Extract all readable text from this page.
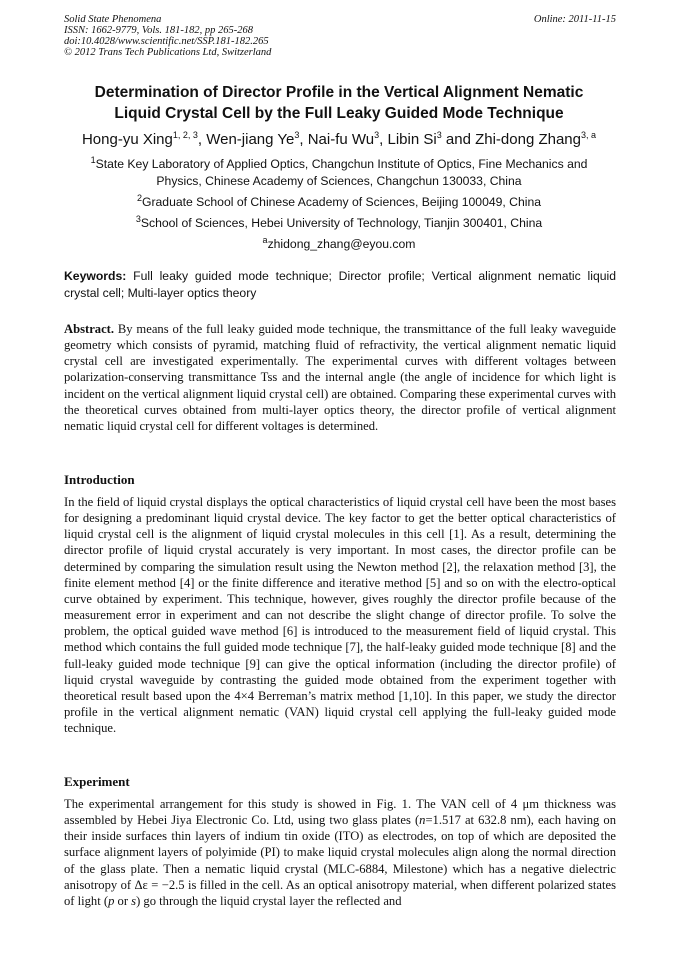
Solid State Phenomena
ISSN: 1662-9779, Vols. 181-182, pp 265-268
doi:10.4028/www.scientific.net/SSP.181-182.265
© 2012 Trans Tech Publications Ltd, Switzerland
Online: 2011-11-15
Determination of Director Profile in the Vertical Alignment Nematic
Liquid Crystal Cell by the Full Leaky Guided Mode Technique
Hong-yu Xing$^{1, 2, 3}$, Wen-jiang Ye$^3$, Nai-fu Wu$^3$, Libin Si$^3$ and Zhi-dong Zhang$^{3, a}$
$^1$State Key Laboratory of Applied Optics, Changchun Institute of Optics, Fine Mechanics and
Physics, Chinese Academy of Sciences, Changchun 130033, China
$^2$Graduate School of Chinese Academy of Sciences, Beijing 100049, China
$^3$School of Sciences, Hebei University of Technology, Tianjin 300401, China
$^a$zhidong_zhang@eyou.com
Keywords: Full leaky guided mode technique; Director profile; Vertical alignment nematic liquid crystal cell; Multi-layer optics theory
Abstract. By means of the full leaky guided mode technique, the transmittance of the full leaky waveguide geometry which consists of pyramid, matching fluid of refractivity, the vertical alignment nematic liquid crystal cell are investigated experimentally. The experimental curves with different voltages between polarization-conserving transmittance Tss and the internal angle (the angle of incidence for which light is incident on the vertical alignment liquid crystal cell) are obtained. Comparing these experimental curves with the theoretical curves obtained from multi-layer optics theory, the director profile of vertical alignment nematic liquid crystal cell for different voltages is determined.
Introduction
In the field of liquid crystal displays the optical characteristics of liquid crystal cell have been the most bases for designing a predominant liquid crystal device. The key factor to get the better optical characteristics of liquid crystal cell is the alignment of liquid crystal molecules in this cell [1]. As a result, determining the director profile of liquid crystal accurately is very important. In most cases, the director profile can be determined by comparing the simulation result using the Newton method [2], the relaxation method [3], the finite element method [4] or the finite difference and iterative method [5] and so on with the electro-optical curve obtained by experiment. This technique, however, gives roughly the director profile because of the measurement error in experiment and can not describe the slight change of director profile. To solve the problem, the optical guided wave method [6] is introduced to the measurement field of liquid crystal. This method which contains the full guided mode technique [7], the half-leaky guided mode technique [8] and the full-leaky guided mode technique [9] can give the optical information (including the director profile) of liquid crystal waveguide by contrasting the guided mode obtained from the experiment together with theoretical result based upon the 4×4 Berreman’s matrix method [1,10]. In this paper, we study the director profile in the vertical alignment nematic (VAN) liquid crystal cell applying the full-leaky guided mode technique.
Experiment
The experimental arrangement for this study is showed in Fig. 1. The VAN cell of 4 μm thickness was assembled by Hebei Jiya Electronic Co. Ltd, using two glass plates (n=1.517 at 632.8 nm), each having on their inside surfaces thin layers of indium tin oxide (ITO) as electrodes, on top of which are deposited the surface alignment layers of polyimide (PI) to make liquid crystal molecules align along the normal direction of the glass plate. Then a nematic liquid crystal (MLC-6884, Milestone) which has a negative dielectric anisotropy of Δε = −2.5 is filled in the cell. As an optical anisotropy material, when different polarized states of light (p or s) go through the liquid crystal layer the reflected and
